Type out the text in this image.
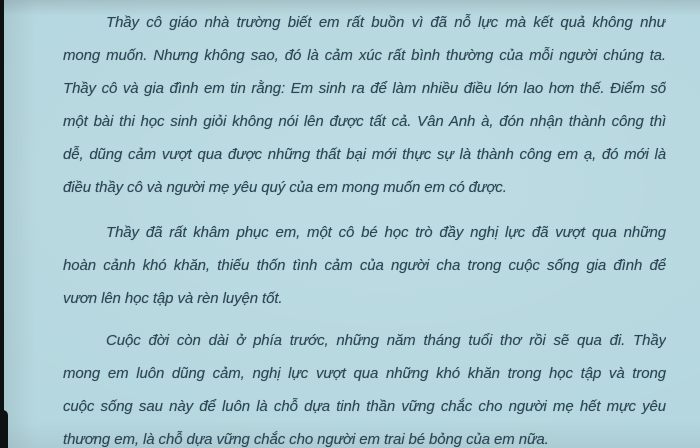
Thầy cô giáo nhà trường biết em rất buồn vì đã nỗ lực mà kết quả không như
mong muốn. Nhưng không sao, đó là cảm xúc rất bình thường của mỗi người chúng ta.
Thầy cô và gia đình em tin rằng: Em sinh ra để làm nhiều điều lớn lao hơn thế. Điểm số
một bài thi học sinh giỏi không nói lên được tất cả. Vân Anh à, đón nhận thành công thì
dễ, dũng cảm vượt qua được những thất bại mới thực sự là thành công em ạ, đó mới là
điều thầy cô và người mẹ yêu quý của em mong muốn em có được.
Thầy đã rất khâm phục em, một cô bé học trò đầy nghị lực đã vượt qua những
hoàn cảnh khó khăn, thiếu thốn tình cảm của người cha trong cuộc sống gia đình để
vươn lên học tập và rèn luyện tốt.
Cuộc đời còn dài ở phía trước, những năm tháng tuổi thơ rồi sẽ qua đi. Thầy
mong em luôn dũng cảm, nghị lực vượt qua những khó khăn trong học tập và trong
cuộc sống sau này để luôn là chỗ dựa tinh thần vững chắc cho người mẹ hết mực yêu
thương em, là chỗ dựa vững chắc cho người em trai bé bỏng của em nữa.
